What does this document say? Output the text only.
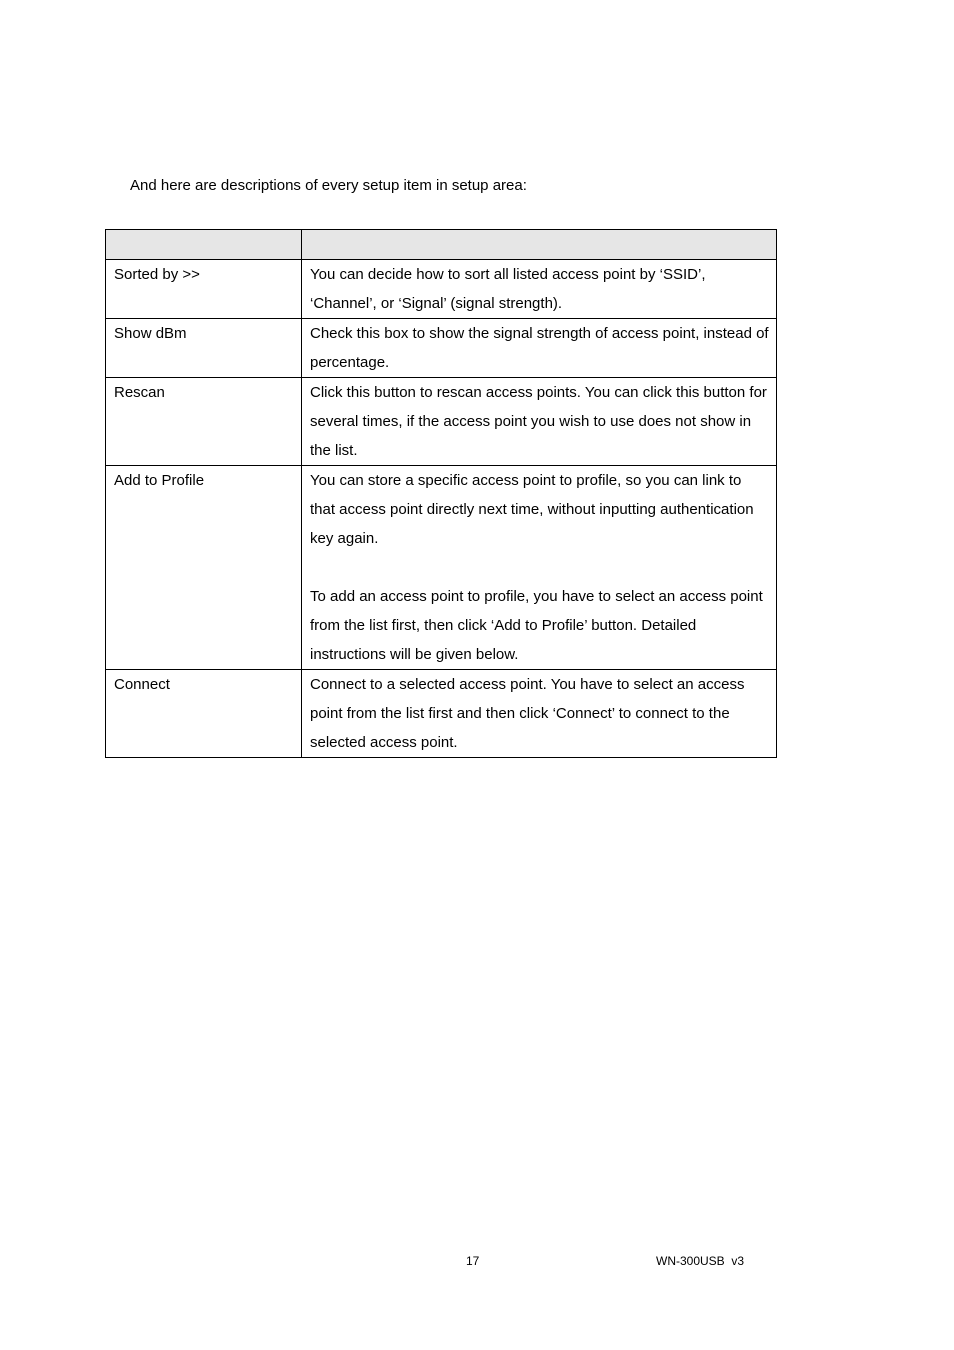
And here are descriptions of every setup item in setup area:

Sorted by >>	You can decide how to sort all listed access point by ‘SSID’, ‘Channel’, or ‘Signal’ (signal strength).

Show dBm	Check this box to show the signal strength of access point, instead of percentage.

Rescan	Click this button to rescan access points. You can click this button for several times, if the access point you wish to use does not show in the list.

Add to Profile	You can store a specific access point to profile, so you can link to that access point directly next time, without inputting authentication key again.
To add an access point to profile, you have to select an access point from the list first, then click ‘Add to Profile’ button. Detailed instructions will be given below.

Connect	Connect to a selected access point. You have to select an access point from the list first and then click ‘Connect’ to connect to the selected access point.
17	WN-300USB  v3
